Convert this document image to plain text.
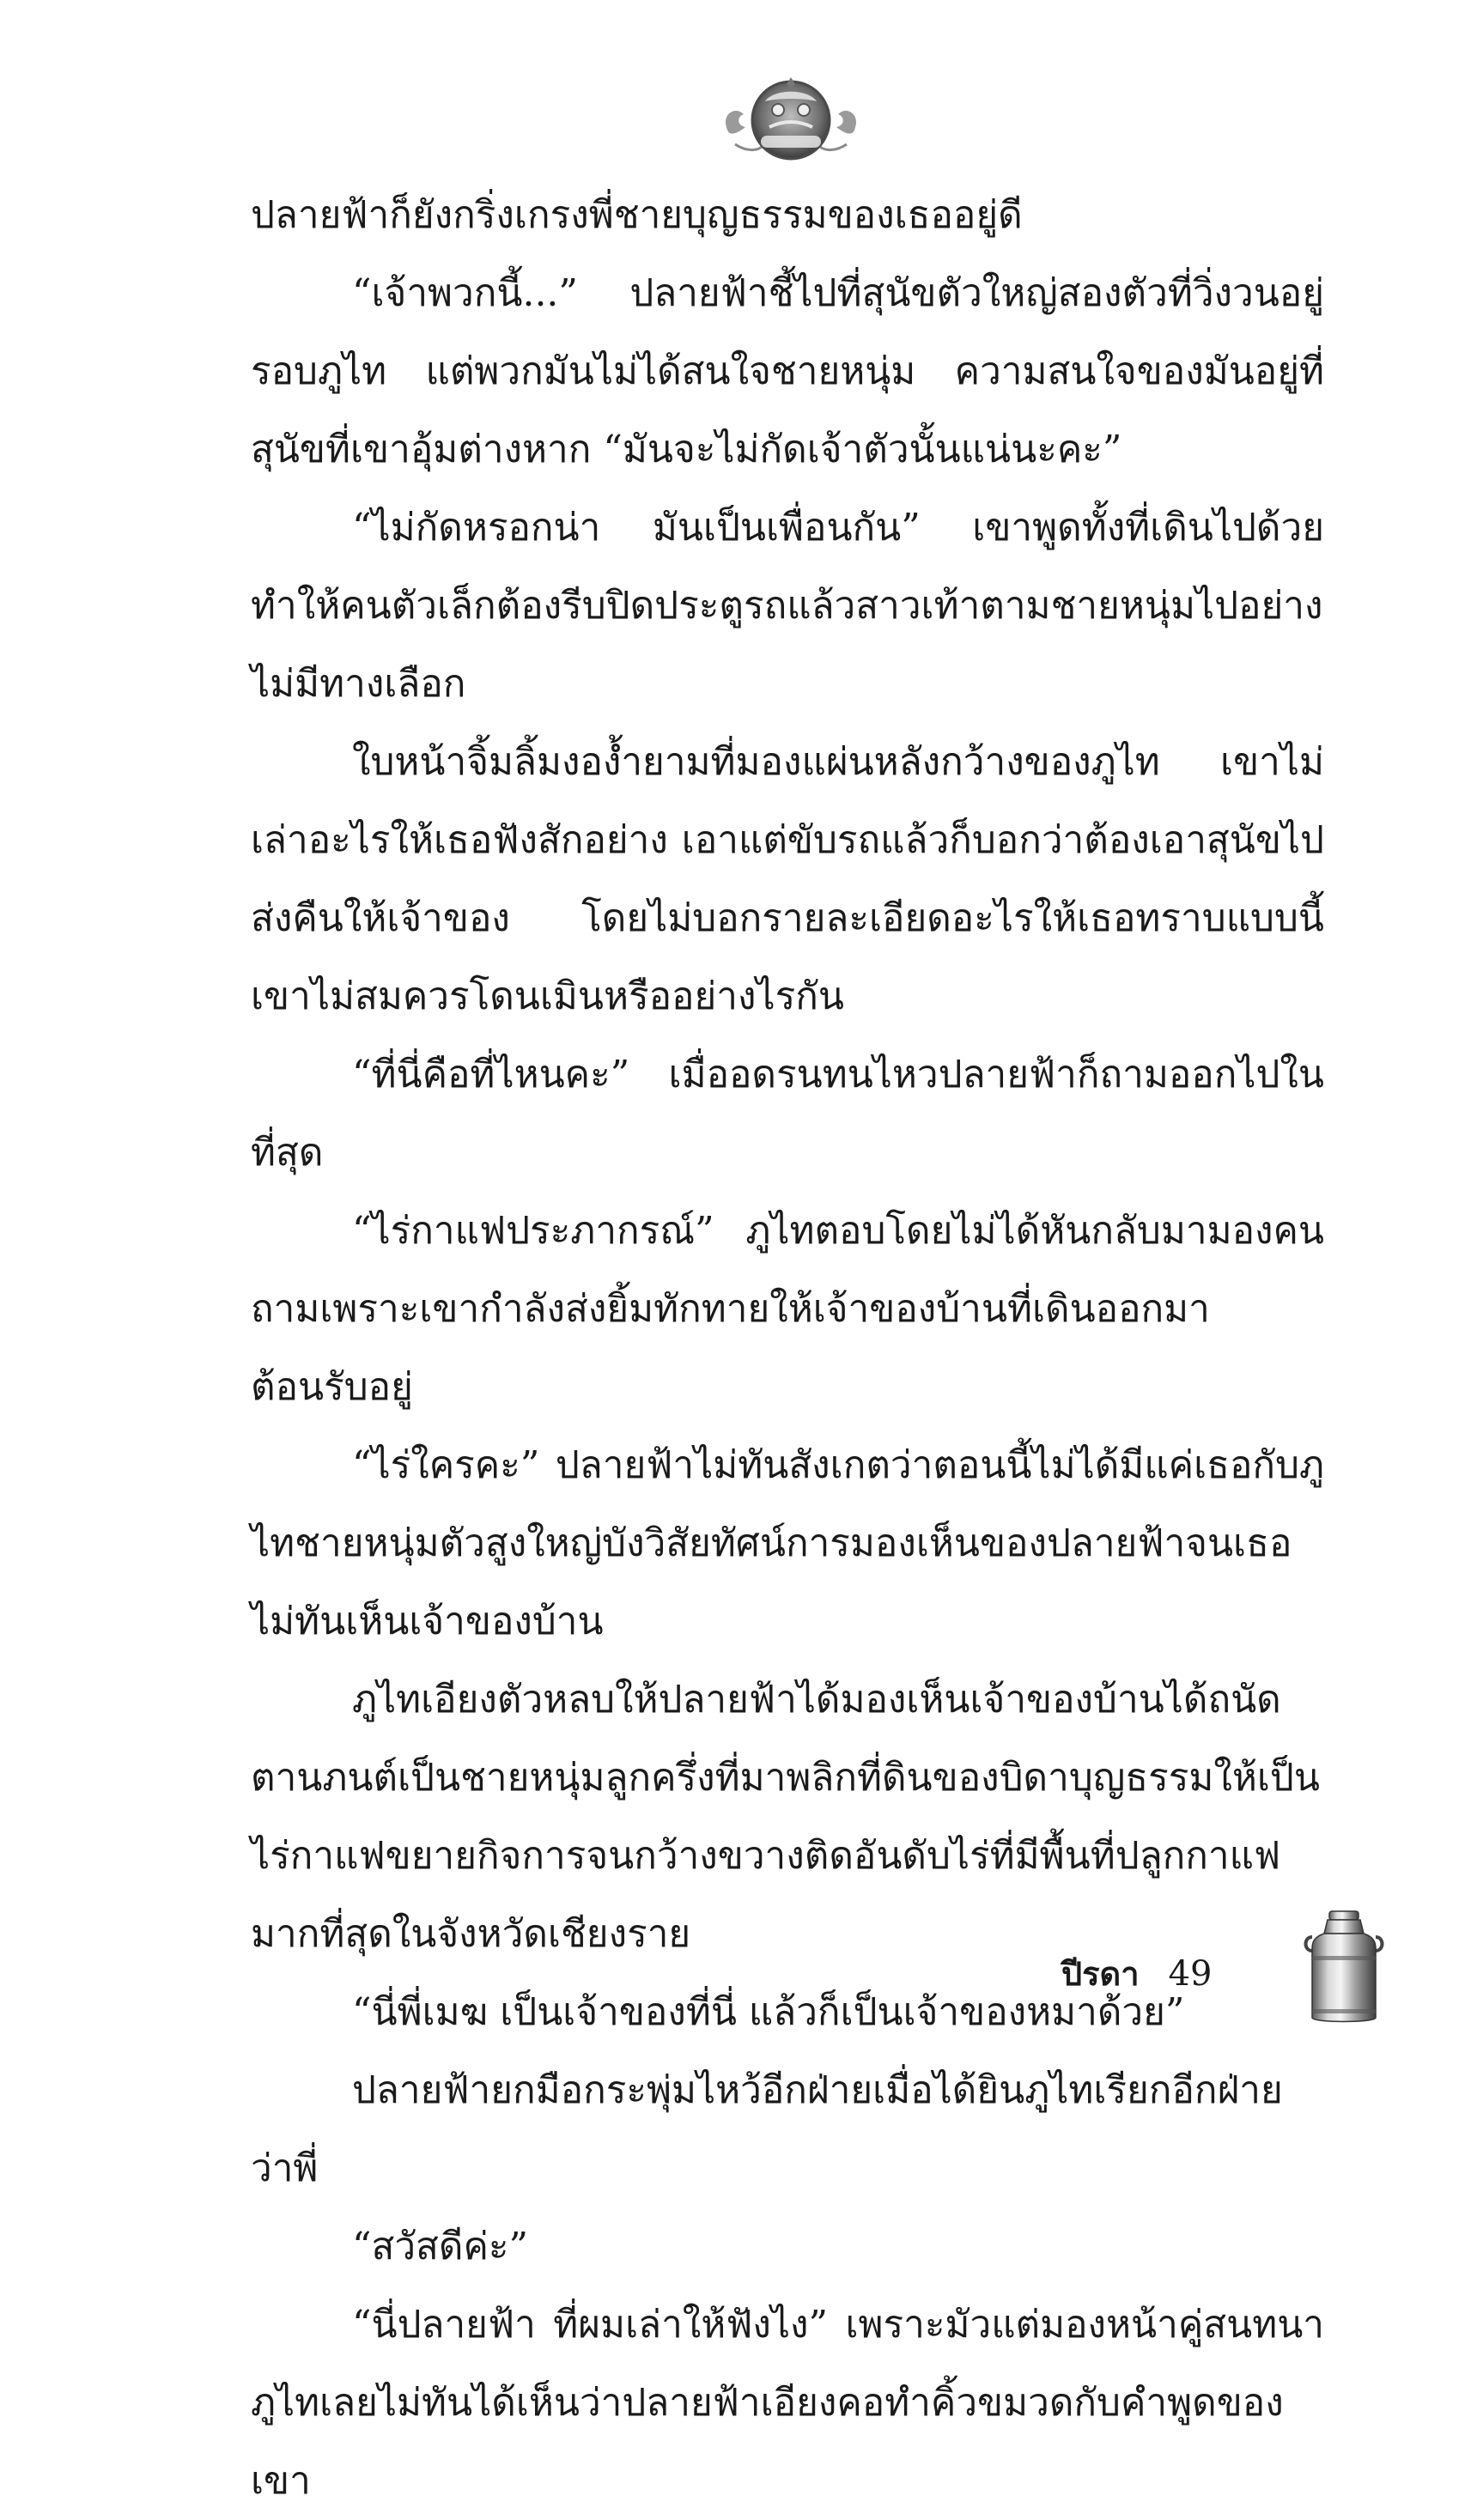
ปลายฟ้าก็ยังกริ่งเกรงพี่ชายบุญธรรมของเธออยู่ดี

“เจ้าพวกนี้...” ปลายฟ้าชี้ไปที่สุนัขตัวใหญ่สองตัวที่วิ่งวนอยู่รอบภูไท แต่พวกมันไม่ได้สนใจชายหนุ่ม ความสนใจของมันอยู่ที่สุนัขที่เขาอุ้มต่างหาก “มันจะไม่กัดเจ้าตัวนั้นแน่นะคะ”

“ไม่กัดหรอกน่า มันเป็นเพื่อนกัน” เขาพูดทั้งที่เดินไปด้วย ทำให้คนตัวเล็กต้องรีบปิดประตูรถแล้วสาวเท้าตามชายหนุ่มไปอย่างไม่มีทางเลือก

ใบหน้าจิ้มลิ้มงอง้ำยามที่มองแผ่นหลังกว้างของภูไท เขาไม่เล่าอะไรให้เธอฟังสักอย่าง เอาแต่ขับรถแล้วก็บอกว่าต้องเอาสุนัขไปส่งคืนให้เจ้าของ โดยไม่บอกรายละเอียดอะไรให้เธอทราบแบบนี้ เขาไม่สมควรโดนเมินหรืออย่างไรกัน

“ที่นี่คือที่ไหนคะ” เมื่ออดรนทนไหวปลายฟ้าก็ถามออกไปในที่สุด

“ไร่กาแฟประภากรณ์” ภูไทตอบโดยไม่ได้หันกลับมามองคนถามเพราะเขากำลังส่งยิ้มทักทายให้เจ้าของบ้านที่เดินออกมาต้อนรับอยู่

“ไร่ใครคะ” ปลายฟ้าไม่ทันสังเกตว่าตอนนี้ไม่ได้มีแค่เธอกับภูไทชายหนุ่มตัวสูงใหญ่บังวิสัยทัศน์การมองเห็นของปลายฟ้าจนเธอไม่ทันเห็นเจ้าของบ้าน

ภูไทเอียงตัวหลบให้ปลายฟ้าได้มองเห็นเจ้าของบ้านได้ถนัดตานภนต์เป็นชายหนุ่มลูกครึ่งที่มาพลิกที่ดินของบิดาบุญธรรมให้เป็นไร่กาแฟขยายกิจการจนกว้างขวางติดอันดับไร่ที่มีพื้นที่ปลูกกาแฟมากที่สุดในจังหวัดเชียงราย

“นี่พี่เมฆ เป็นเจ้าของที่นี่ แล้วก็เป็นเจ้าของหมาด้วย”

ปลายฟ้ายกมือกระพุ่มไหว้อีกฝ่ายเมื่อได้ยินภูไทเรียกอีกฝ่ายว่าพี่

“สวัสดีค่ะ”

“นี่ปลายฟ้า ที่ผมเล่าให้ฟังไง” เพราะมัวแต่มองหน้าคู่สนทนาภูไทเลยไม่ทันได้เห็นว่าปลายฟ้าเอียงคอทำคิ้วขมวดกับคำพูดของเขา

ปีรดา 49
